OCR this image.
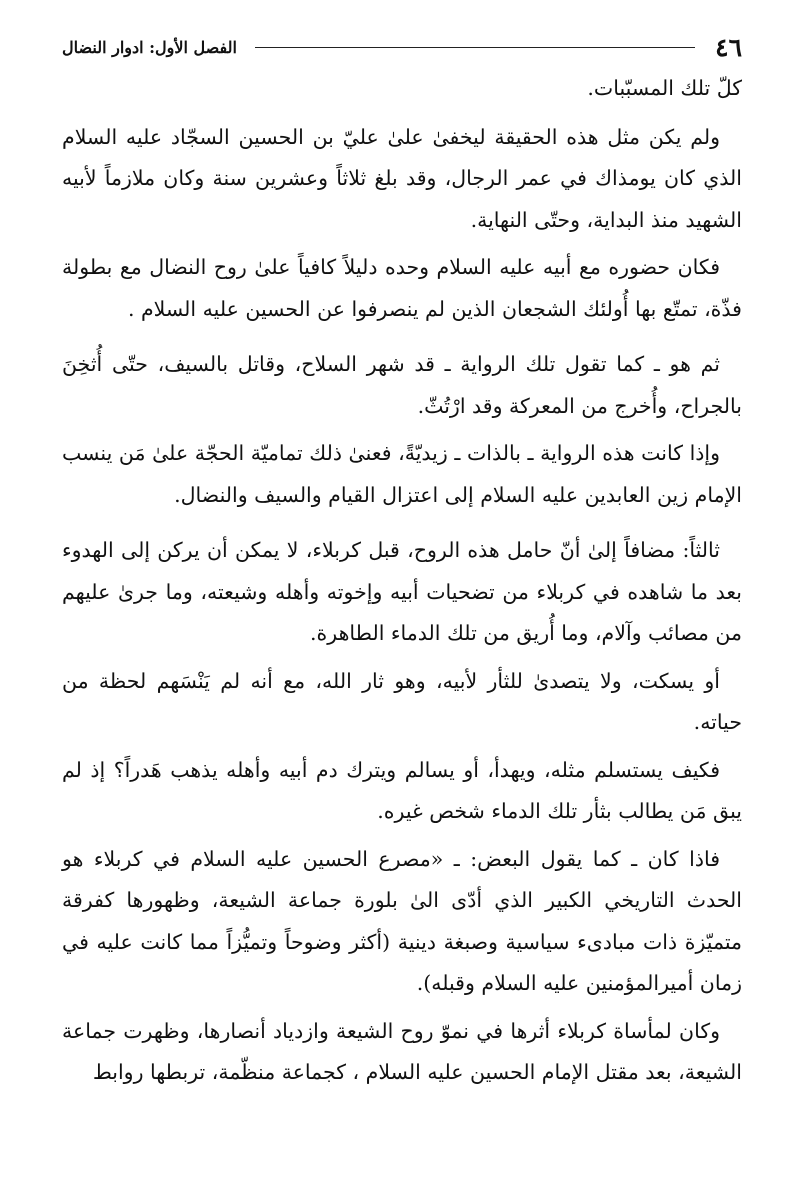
٤٦
الفصل الأول: ادوار النضال

كلّ تلك المسبّبات.

ولم يكن مثل هذه الحقيقة ليخفىٰ علىٰ عليّ بن الحسين السجّاد عليه السلام الذي كان يومذاك في عمر الرجال، وقد بلغ ثلاثاً وعشرين سنة وكان ملازماً لأبيه الشهيد منذ البداية، وحتّى النهاية.

فكان حضوره مع أبيه عليه السلام وحده دليلاً كافياً علىٰ روح النضال مع بطولة فذّة، تمتّع بها أُولئك الشجعان الذين لم ينصرفوا عن الحسين عليه السلام .

ثم هو ـ كما تقول تلك الرواية ـ قد شهر السلاح، وقاتل بالسيف، حتّى أُثخِنَ بالجراح، وأُخرج من المعركة وقد ارْتُثّ.

وإذا كانت هذه الرواية ـ بالذات ـ زيديّةً، فعنىٰ ذلك تماميّة الحجّة علىٰ مَن ينسب الإمام زين العابدين عليه السلام إلى اعتزال القيام والسيف والنضال.

ثالثاً: مضافاً إلىٰ أنّ حامل هذه الروح، قبل كربلاء، لا يمكن أن يركن إلى الهدوء بعد ما شاهده في كربلاء من تضحيات أبيه وإخوته وأهله وشيعته، وما جرىٰ عليهم من مصائب وآلام، وما أُريق من تلك الدماء الطاهرة.

أو يسكت، ولا يتصدىٰ للثأر لأبيه، وهو ثار الله، مع أنه لم يَنْسَهم لحظة من حياته.

فكيف يستسلم مثله، ويهدأ، أو يسالم ويترك دم أبيه وأهله يذهب هَدراً؟ إذ لم يبق مَن يطالب بثأر تلك الدماء شخص غيره.

فاذا كان ـ كما يقول البعض: ـ «مصرع الحسين عليه السلام في كربلاء هو الحدث التاريخي الكبير الذي أدّى الىٰ بلورة جماعة الشيعة، وظهورها كفرقة متميّزة ذات مبادىء سياسية وصبغة دينية (أكثر وضوحاً وتميُّزاً مما كانت عليه في زمان أميرالمؤمنين عليه السلام وقبله).

وكان لمأساة كربلاء أثرها في نموّ روح الشيعة وازدياد أنصارها، وظهرت جماعة الشيعة، بعد مقتل الإمام الحسين عليه السلام ، كجماعة منظّمة، تربطها روابط
